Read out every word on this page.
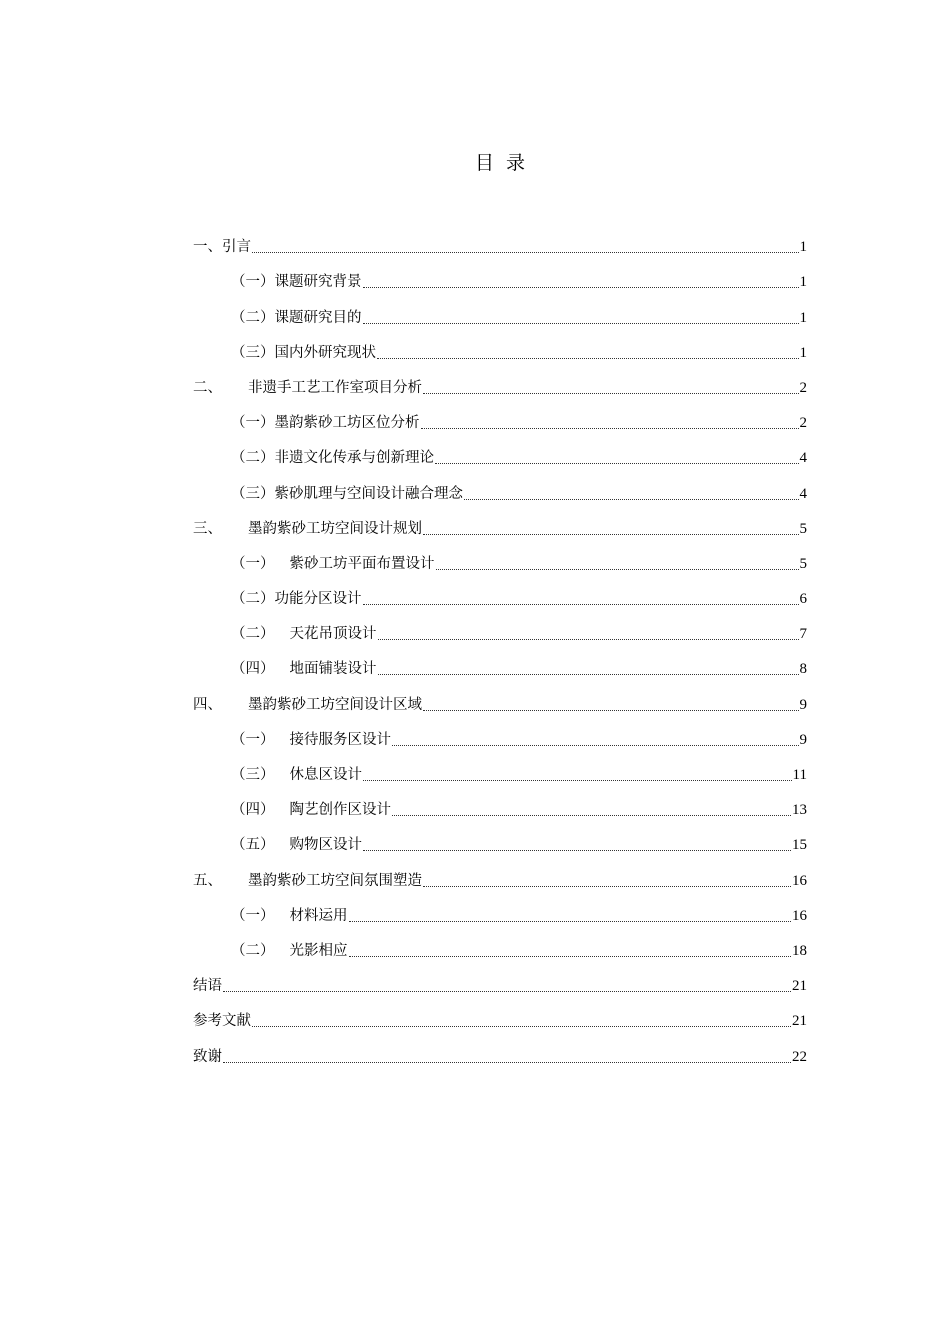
目 录
一、引言	1
（一）课题研究背景	1
（二）课题研究目的	1
（三）国内外研究现状	1
二、 非遗手工艺工作室项目分析	2
（一）墨韵紫砂工坊区位分析	2
（二）非遗文化传承与创新理论	4
（三）紫砂肌理与空间设计融合理念	4
三、 墨韵紫砂工坊空间设计规划	5
（一） 紫砂工坊平面布置设计	5
（二）功能分区设计	6
（二） 天花吊顶设计	7
（四） 地面铺装设计	8
四、 墨韵紫砂工坊空间设计区域	9
（一） 接待服务区设计	9
（三） 休息区设计	11
（四） 陶艺创作区设计	13
（五） 购物区设计	15
五、 墨韵紫砂工坊空间氛围塑造	16
（一） 材料运用	16
（二） 光影相应	18
结语	21
参考文献	21
致谢	22
